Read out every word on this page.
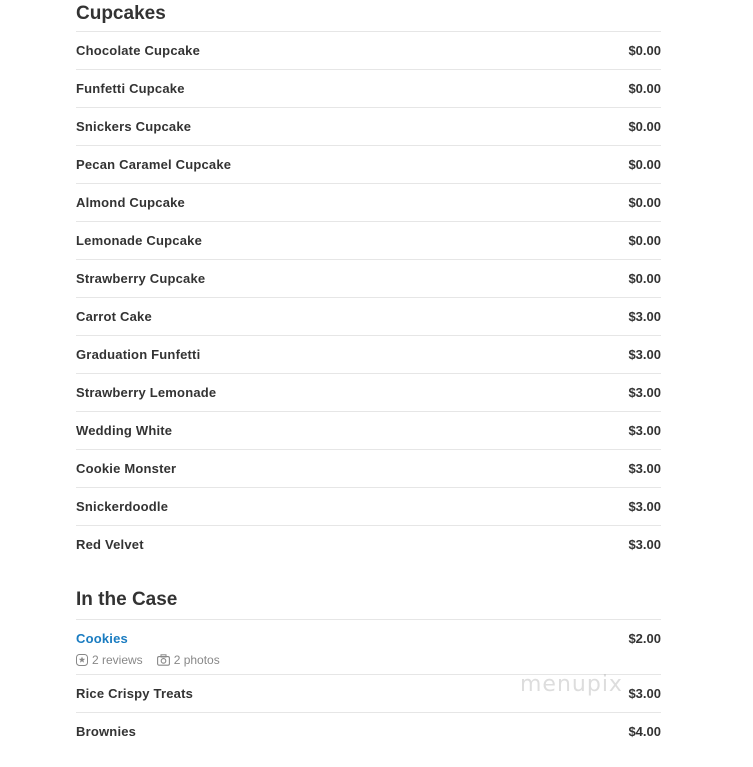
Cupcakes
Chocolate Cupcake	$0.00
Funfetti Cupcake	$0.00
Snickers Cupcake	$0.00
Pecan Caramel Cupcake	$0.00
Almond Cupcake	$0.00
Lemonade Cupcake	$0.00
Strawberry Cupcake	$0.00
Carrot Cake	$3.00
Graduation Funfetti	$3.00
Strawberry Lemonade	$3.00
Wedding White	$3.00
Cookie Monster	$3.00
Snickerdoodle	$3.00
Red Velvet	$3.00
In the Case
Cookies	$2.00
2 reviews	2 photos
Rice Crispy Treats	$3.00
Brownies	$4.00
menupix
